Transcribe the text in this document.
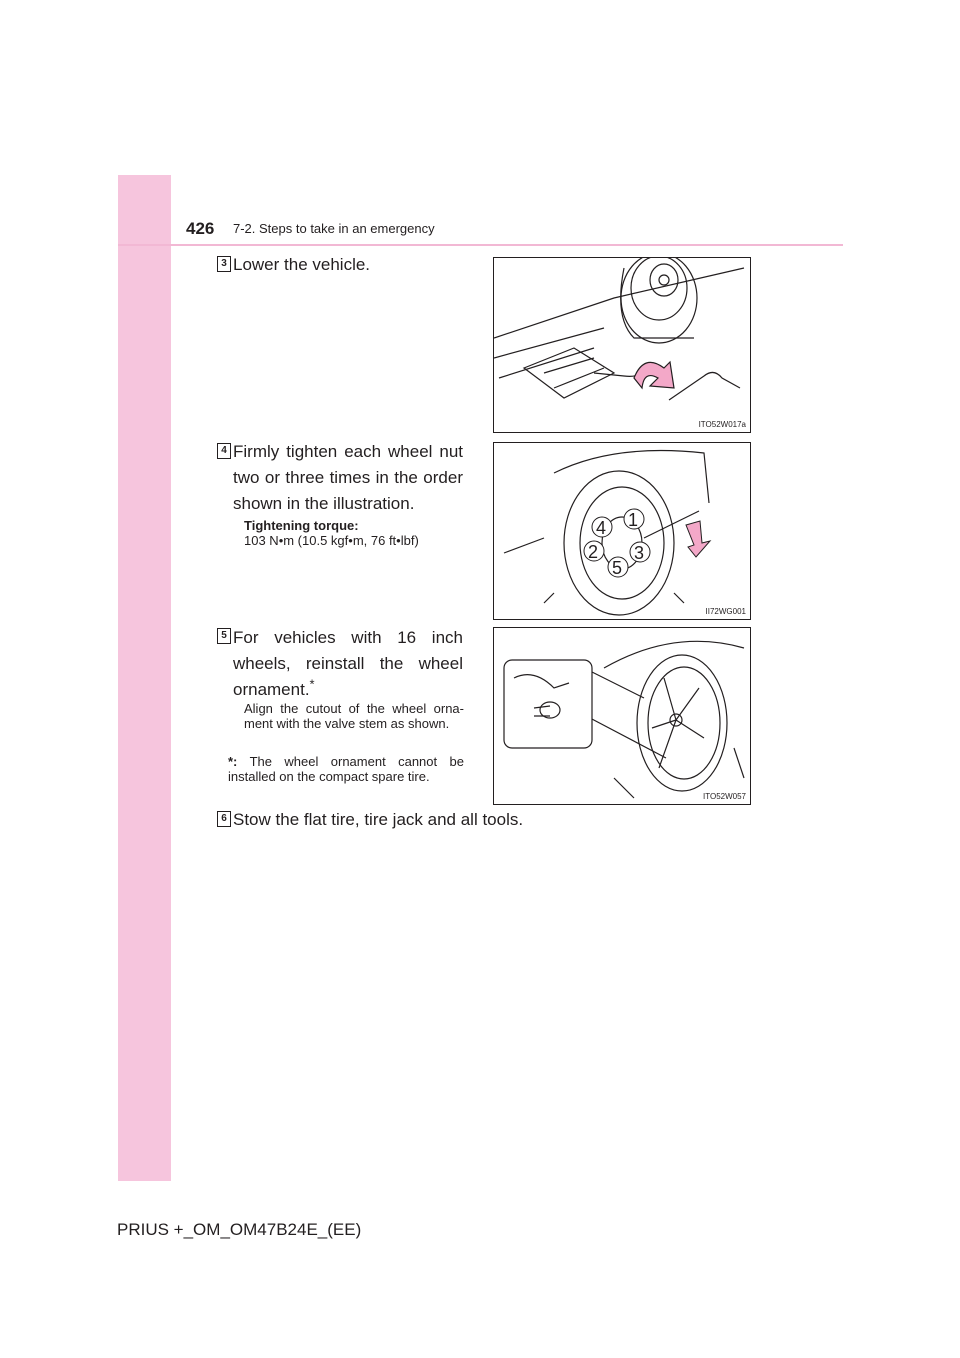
426 7-2. Steps to take in an emergency
3 Lower the vehicle.
ITO52W017a
4 Firmly tighten each wheel nut two or three times in the order shown in the illustration.
Tightening torque:
103 N•m (10.5 kgf•m, 76 ft•lbf)
1
4
2 3
5
II72WG001
5 For vehicles with 16 inch wheels, reinstall the wheel ornament.*
Align the cutout of the wheel orna-ment with the valve stem as shown.
*: The wheel ornament cannot be installed on the compact spare tire.
ITO52W057
6 Stow the flat tire, tire jack and all tools.
PRIUS +_OM_OM47B24E_(EE)
